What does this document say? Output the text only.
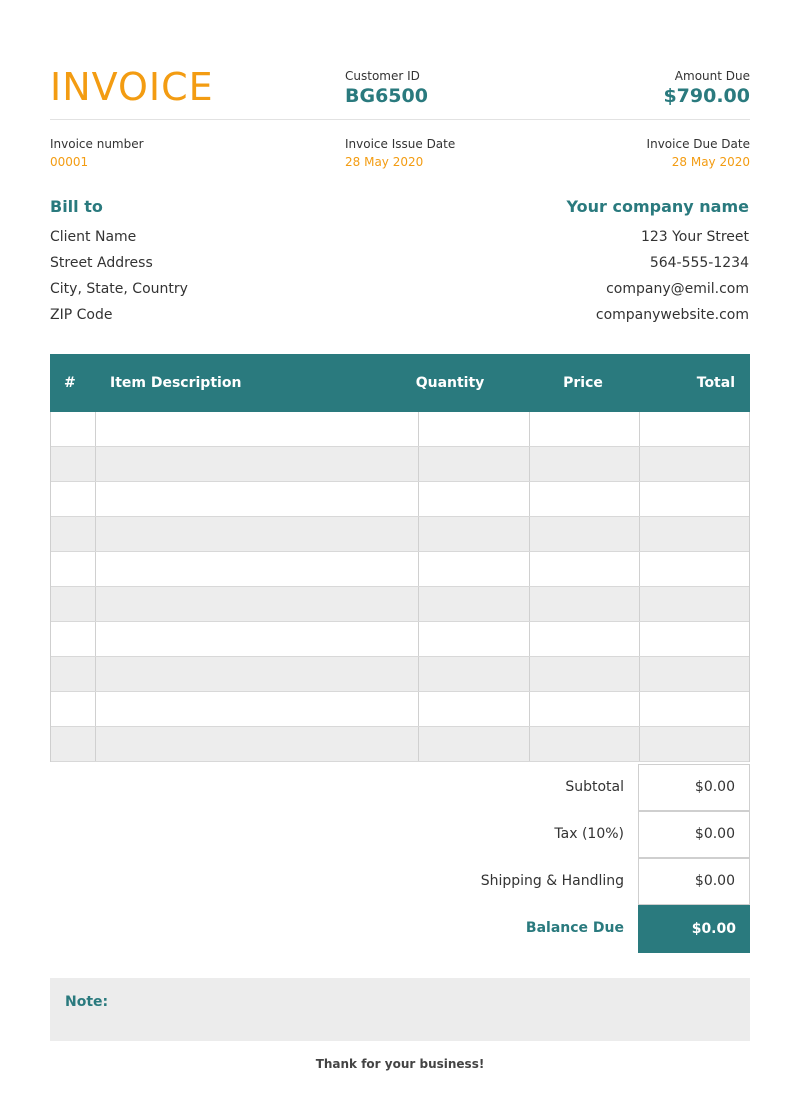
INVOICE	Customer ID
BG6500
Amount Due
$790.00
Invoice number
00001
Invoice Issue Date
28 May 2020
Invoice Due Date
28 May 2020
Bill to
Client Name
Street Address
City, State, Country
ZIP Code
Your company name
123 Your Street
564-555-1234
company@emil.com
companywebsite.com
# Item Description	Quantity	Price	Total
Subtotal	$0.00
Tax (10%)	$0.00
Shipping & Handling	$0.00
Balance Due	$0.00
Note:
Thank for your business!
